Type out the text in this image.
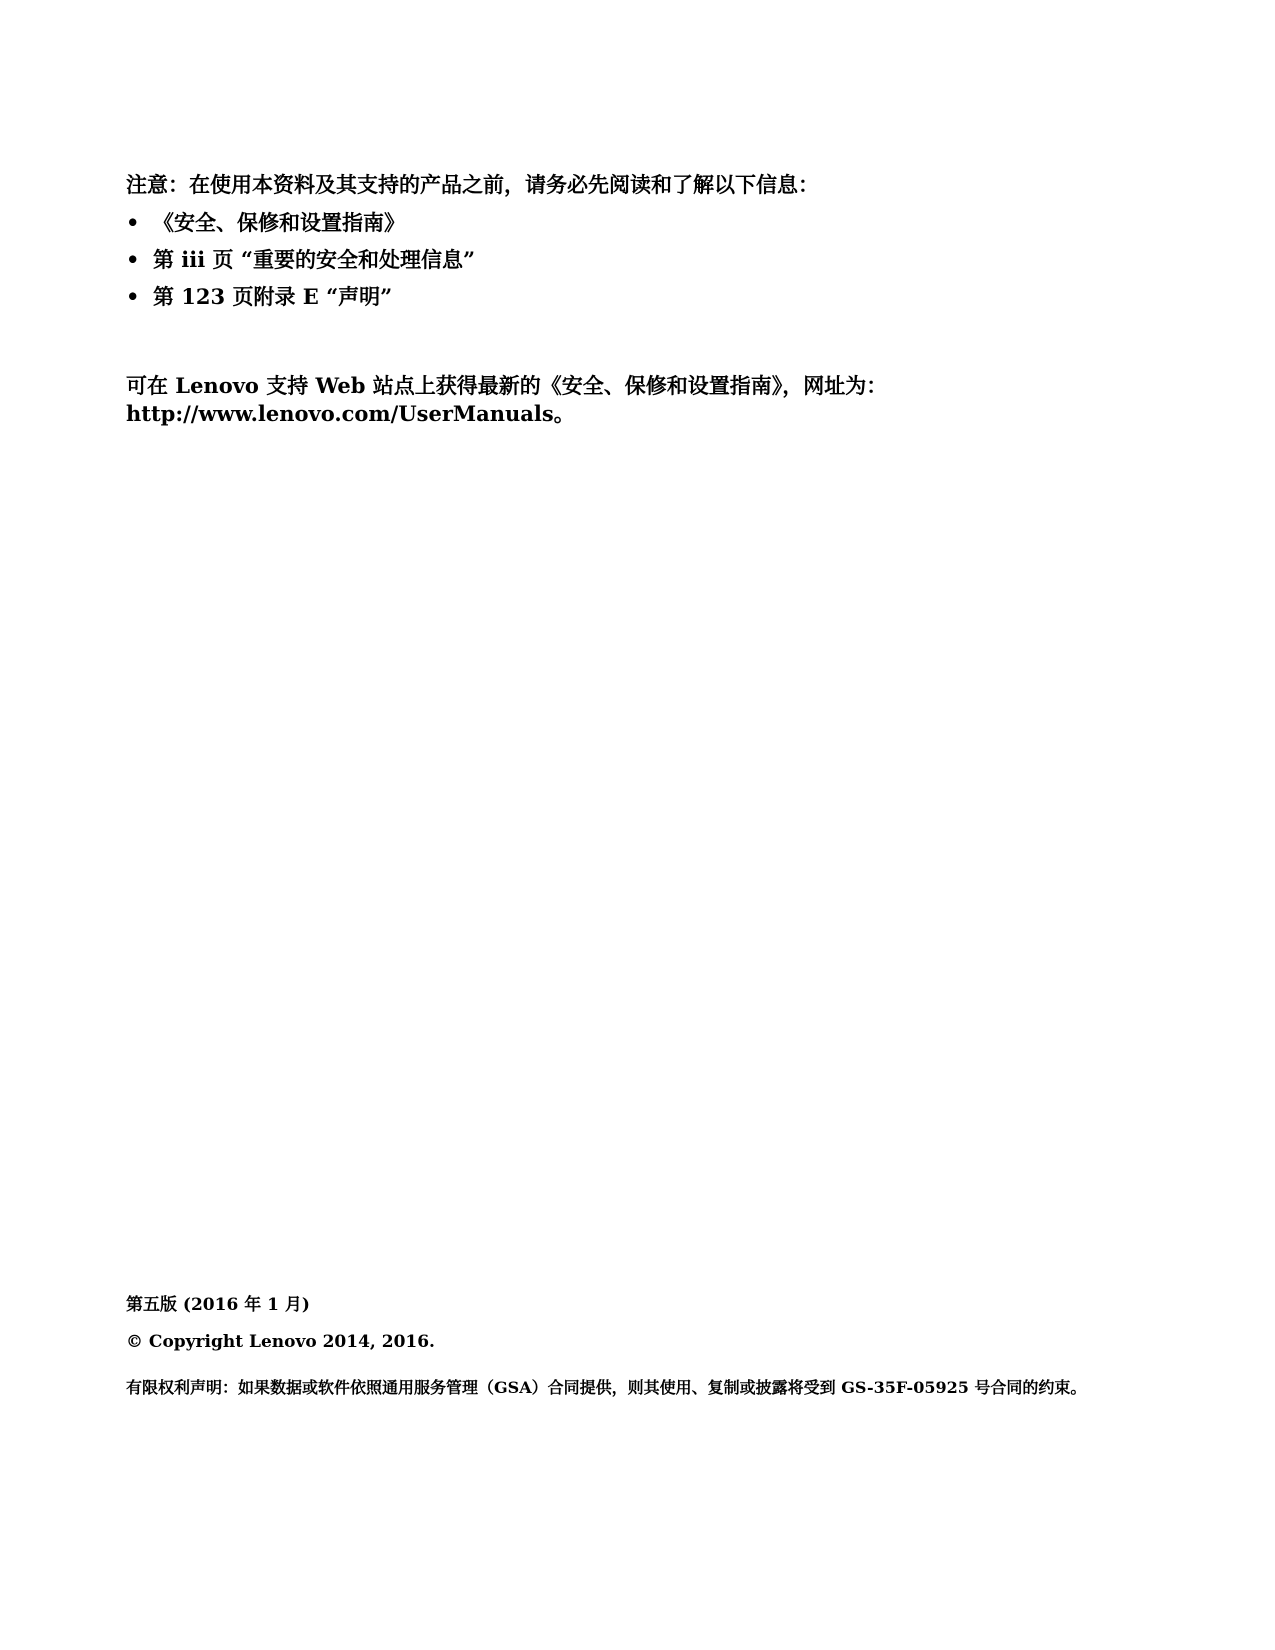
注意：在使用本资料及其支持的产品之前，请务必先阅读和了解以下信息：
• 《安全、保修和设置指南》
• 第 iii 页 “重要的安全和处理信息”
• 第 123 页附录 E “声明”
可在 Lenovo 支持 Web 站点上获得最新的《安全、保修和设置指南》，网址为：http://www.lenovo.com/UserManuals。
第五版 (2016 年 1 月)
© Copyright Lenovo 2014, 2016.
有限权利声明：如果数据或软件依照通用服务管理（GSA）合同提供，则其使用、复制或披露将受到 GS-35F-05925 号合同的约束。
